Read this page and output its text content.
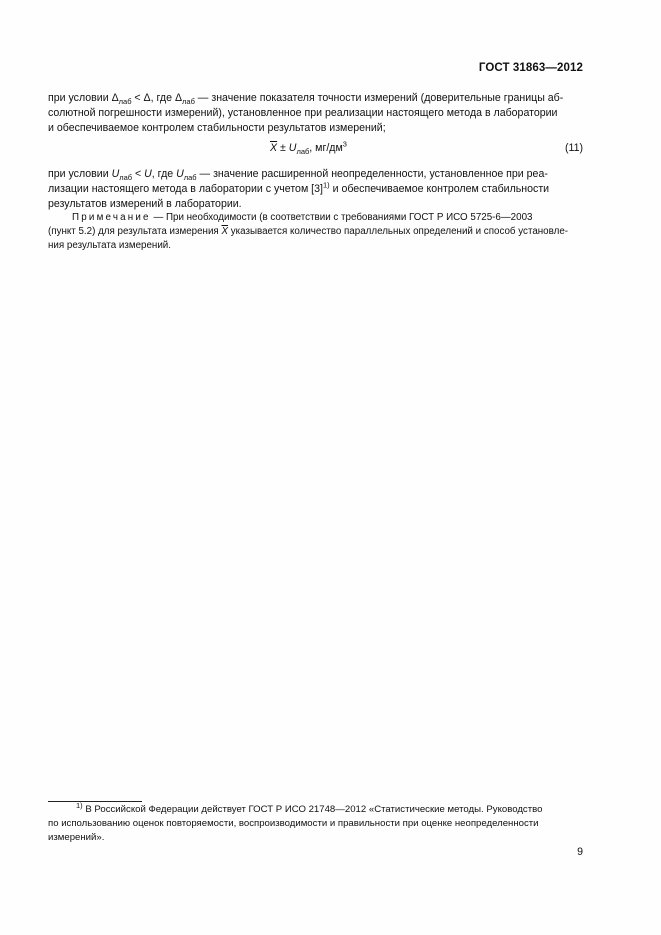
ГОСТ 31863—2012
при условии $\Delta_{лаб} < \Delta$, где $\Delta_{лаб}$ — значение показателя точности измерений (доверительные границы аб-
солютной погрешности измерений), установленное при реализации настоящего метода в лаборатории
и обеспечиваемое контролем стабильности результатов измерений;
$\overline{X} \pm U_{лаб}$, $мг/дм^3$	(11)
при условии $U_{лаб} < U$, где $U_{лаб}$ — значение расширенной неопределенности, установленное при реа-
лизации настоящего метода в лаборатории с учетом $[3]^{1)}$ и обеспечиваемое контролем стабильности
результатов измерений в лаборатории.
Примечание — При необходимости (в соответствии с требованиями ГОСТ Р ИСО 5725-6—2003
(пункт 5.2) для результата измерения $\overline{X}$ указывается количество параллельных определений и способ установле-
ния результата измерений.
$^{1)}$ В Российской Федерации действует ГОСТ Р ИСО 21748—2012 «Статистические методы. Руководство
по использованию оценок повторяемости, воспроизводимости и правильности при оценке неопределенности
измерений».
9
